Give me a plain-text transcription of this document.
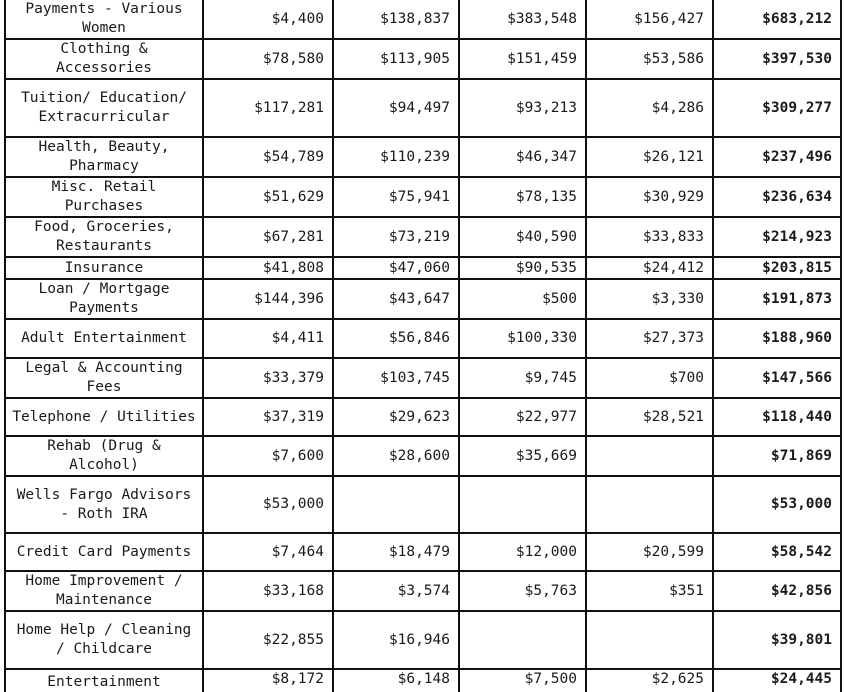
Payments - Various Women	$4,400	$138,837	$383,548	$156,427	$683,212
Clothing & Accessories	$78,580	$113,905	$151,459	$53,586	$397,530
Tuition/ Education/ Extracurricular	$117,281	$94,497	$93,213	$4,286	$309,277
Health, Beauty, Pharmacy	$54,789	$110,239	$46,347	$26,121	$237,496
Misc. Retail Purchases	$51,629	$75,941	$78,135	$30,929	$236,634
Food, Groceries, Restaurants	$67,281	$73,219	$40,590	$33,833	$214,923
Insurance	$41,808	$47,060	$90,535	$24,412	$203,815
Loan / Mortgage Payments	$144,396	$43,647	$500	$3,330	$191,873
Adult Entertainment	$4,411	$56,846	$100,330	$27,373	$188,960
Legal & Accounting Fees	$33,379	$103,745	$9,745	$700	$147,566
Telephone / Utilities	$37,319	$29,623	$22,977	$28,521	$118,440
Rehab (Drug & Alcohol)	$7,600	$28,600	$35,669		$71,869
Wells Fargo Advisors - Roth IRA	$53,000				$53,000
Credit Card Payments	$7,464	$18,479	$12,000	$20,599	$58,542
Home Improvement / Maintenance	$33,168	$3,574	$5,763	$351	$42,856
Home Help / Cleaning / Childcare	$22,855	$16,946			$39,801
Entertainment	$8,172	$6,148	$7,500	$2,625	$24,445
